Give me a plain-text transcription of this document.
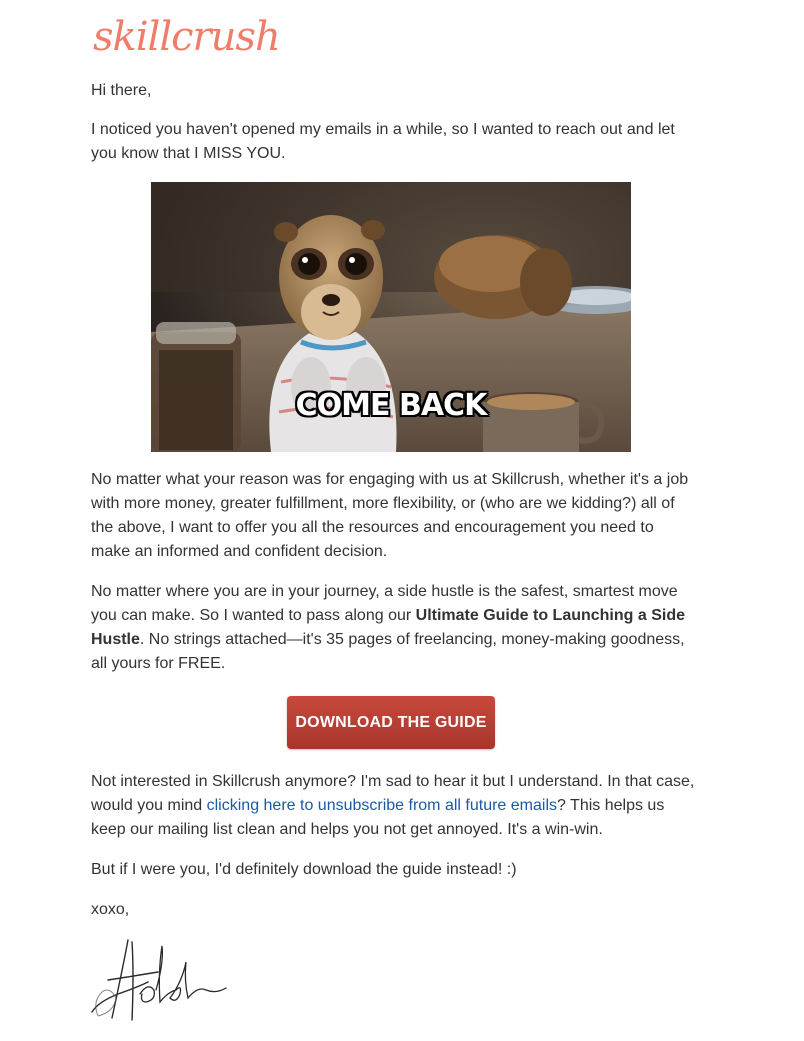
skillcrush

Hi there,

I noticed you haven't opened my emails in a while, so I wanted to reach out and let you know that I MISS YOU.

COME BACK

No matter what your reason was for engaging with us at Skillcrush, whether it's a job with more money, greater fulfillment, more flexibility, or (who are we kidding?) all of the above, I want to offer you all the resources and encouragement you need to make an informed and confident decision.

No matter where you are in your journey, a side hustle is the safest, smartest move you can make. So I wanted to pass along our Ultimate Guide to Launching a Side Hustle. No strings attached—it's 35 pages of freelancing, money-making goodness, all yours for FREE.

DOWNLOAD THE GUIDE

Not interested in Skillcrush anymore? I'm sad to hear it but I understand. In that case, would you mind clicking here to unsubscribe from all future emails? This helps us keep our mailing list clean and helps you not get annoyed. It's a win-win.

But if I were you, I'd definitely download the guide instead! :)

xoxo,
